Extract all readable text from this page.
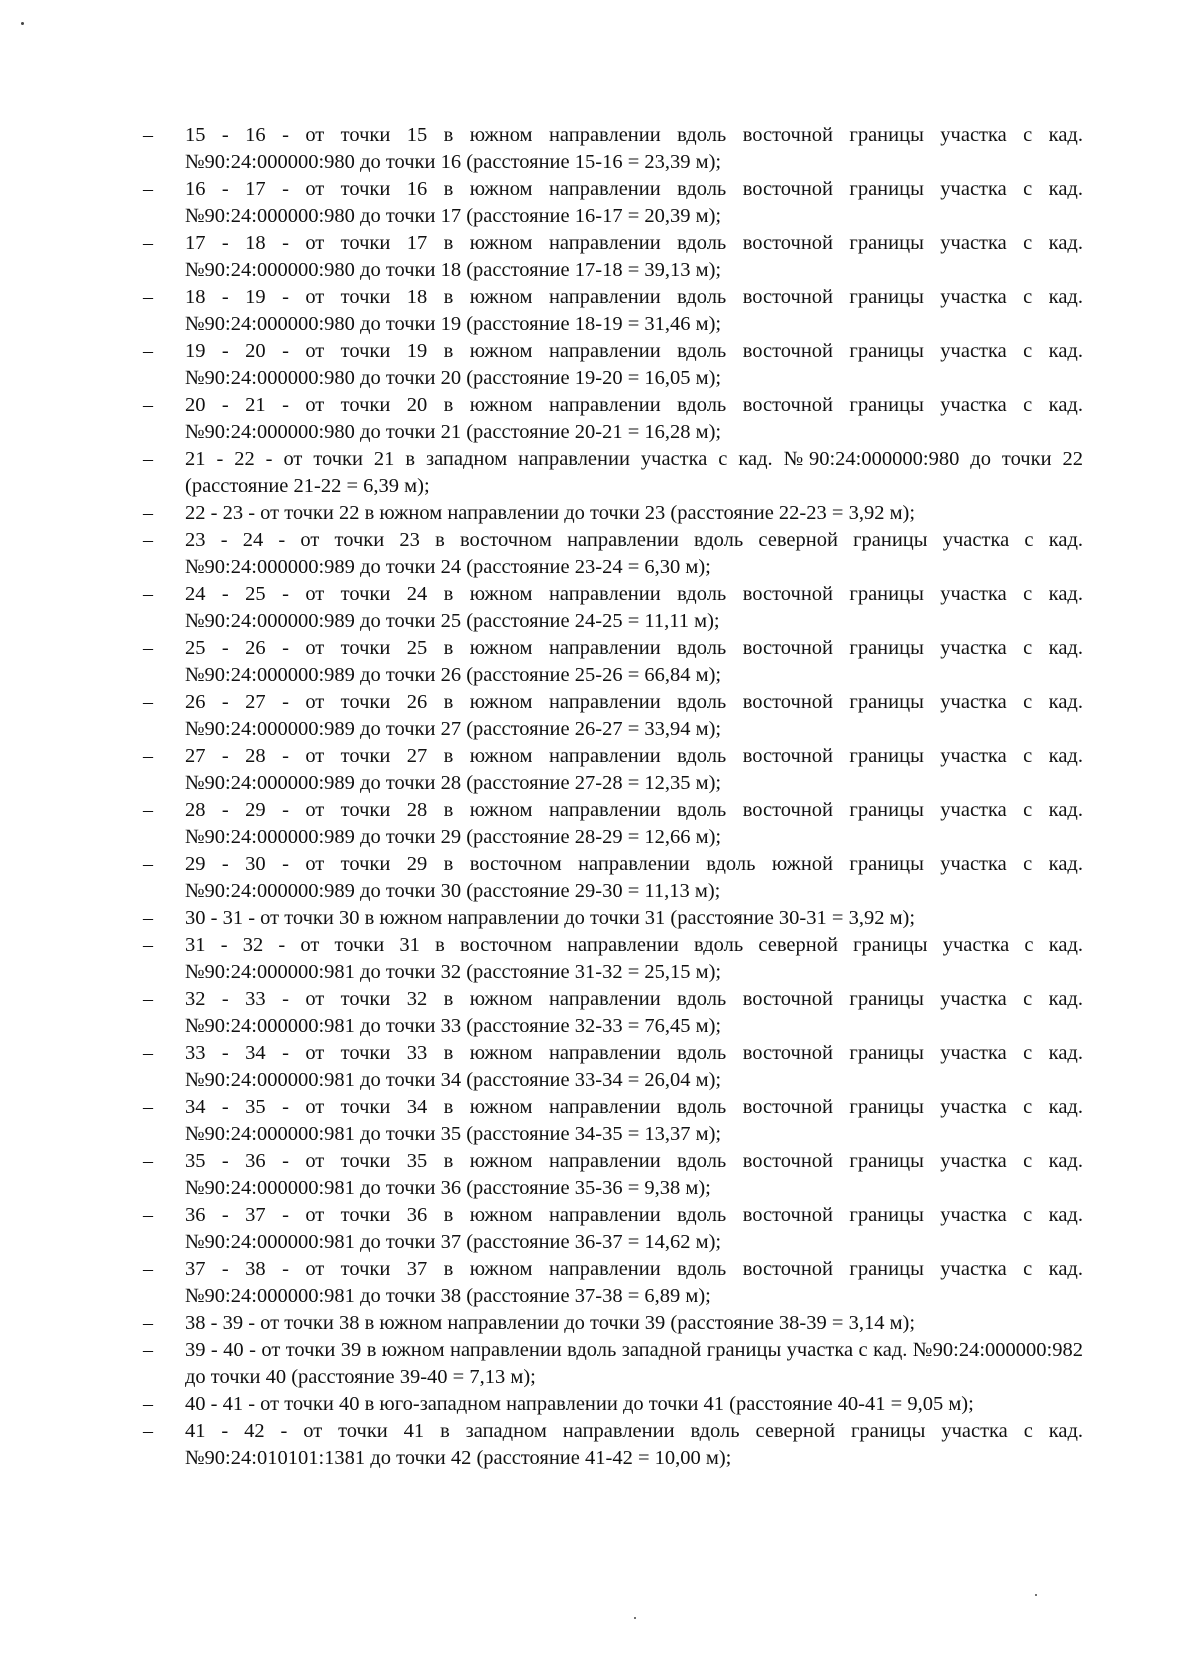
–	15 - 16 - от точки 15 в южном направлении вдоль восточной границы участка с кад. №90:24:000000:980 до точки 16 (расстояние 15-16 = 23,39 м);
–	16 - 17 - от точки 16 в южном направлении вдоль восточной границы участка с кад. №90:24:000000:980 до точки 17 (расстояние 16-17 = 20,39 м);
–	17 - 18 - от точки 17 в южном направлении вдоль восточной границы участка с кад. №90:24:000000:980 до точки 18 (расстояние 17-18 = 39,13 м);
–	18 - 19 - от точки 18 в южном направлении вдоль восточной границы участка с кад. №90:24:000000:980 до точки 19 (расстояние 18-19 = 31,46 м);
–	19 - 20 - от точки 19 в южном направлении вдоль восточной границы участка с кад. №90:24:000000:980 до точки 20 (расстояние 19-20 = 16,05 м);
–	20 - 21 - от точки 20 в южном направлении вдоль восточной границы участка с кад. №90:24:000000:980 до точки 21 (расстояние 20-21 = 16,28 м);
–	21 - 22 - от точки 21 в западном направлении участка с кад. №90:24:000000:980 до точки 22 (расстояние 21-22 = 6,39 м);
–	22 - 23 - от точки 22 в южном направлении до точки 23 (расстояние 22-23 = 3,92 м);
–	23 - 24 - от точки 23 в восточном направлении вдоль северной границы участка с кад. №90:24:000000:989 до точки 24 (расстояние 23-24 = 6,30 м);
–	24 - 25 - от точки 24 в южном направлении вдоль восточной границы участка с кад. №90:24:000000:989 до точки 25 (расстояние 24-25 = 11,11 м);
–	25 - 26 - от точки 25 в южном направлении вдоль восточной границы участка с кад. №90:24:000000:989 до точки 26 (расстояние 25-26 = 66,84 м);
–	26 - 27 - от точки 26 в южном направлении вдоль восточной границы участка с кад. №90:24:000000:989 до точки 27 (расстояние 26-27 = 33,94 м);
–	27 - 28 - от точки 27 в южном направлении вдоль восточной границы участка с кад. №90:24:000000:989 до точки 28 (расстояние 27-28 = 12,35 м);
–	28 - 29 - от точки 28 в южном направлении вдоль восточной границы участка с кад. №90:24:000000:989 до точки 29 (расстояние 28-29 = 12,66 м);
–	29 - 30 - от точки 29 в восточном направлении вдоль южной границы участка с кад. №90:24:000000:989 до точки 30 (расстояние 29-30 = 11,13 м);
–	30 - 31 - от точки 30 в южном направлении до точки 31 (расстояние 30-31 = 3,92 м);
–	31 - 32 - от точки 31 в восточном направлении вдоль северной границы участка с кад. №90:24:000000:981 до точки 32 (расстояние 31-32 = 25,15 м);
–	32 - 33 - от точки 32 в южном направлении вдоль восточной границы участка с кад. №90:24:000000:981 до точки 33 (расстояние 32-33 = 76,45 м);
–	33 - 34 - от точки 33 в южном направлении вдоль восточной границы участка с кад. №90:24:000000:981 до точки 34 (расстояние 33-34 = 26,04 м);
–	34 - 35 - от точки 34 в южном направлении вдоль восточной границы участка с кад. №90:24:000000:981 до точки 35 (расстояние 34-35 = 13,37 м);
–	35 - 36 - от точки 35 в южном направлении вдоль восточной границы участка с кад. №90:24:000000:981 до точки 36 (расстояние 35-36 = 9,38 м);
–	36 - 37 - от точки 36 в южном направлении вдоль восточной границы участка с кад. №90:24:000000:981 до точки 37 (расстояние 36-37 = 14,62 м);
–	37 - 38 - от точки 37 в южном направлении вдоль восточной границы участка с кад. №90:24:000000:981 до точки 38 (расстояние 37-38 = 6,89 м);
–	38 - 39 - от точки 38 в южном направлении до точки 39 (расстояние 38-39 = 3,14 м);
–	39 - 40 - от точки 39 в южном направлении вдоль западной границы участка с кад. №90:24:000000:982 до точки 40 (расстояние 39-40 = 7,13 м);
–	40 - 41 - от точки 40 в юго-западном направлении до точки 41 (расстояние 40-41 = 9,05 м);
–	41 - 42 - от точки 41 в западном направлении вдоль северной границы участка с кад. №90:24:010101:1381 до точки 42 (расстояние 41-42 = 10,00 м);
